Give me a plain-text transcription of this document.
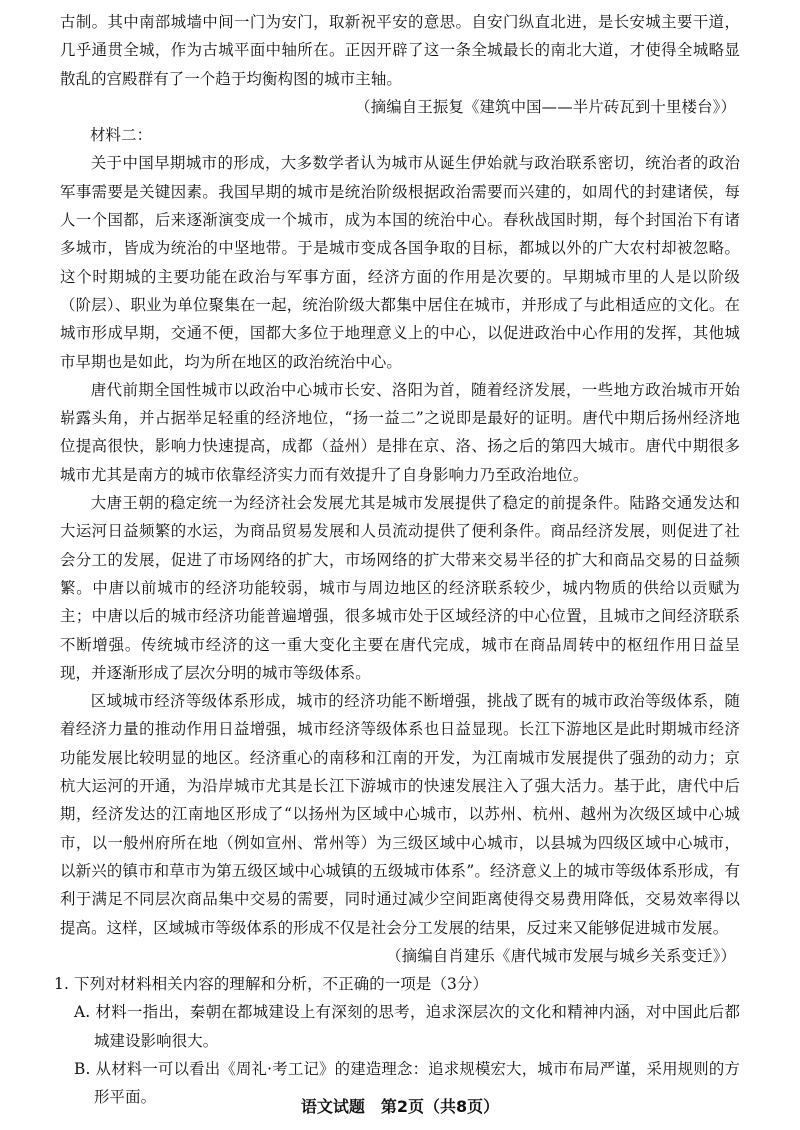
古制。其中南部城墙中间一门为安门，取新祝平安的意思。自安门纵直北进，是长安城主要干道，几乎通贯全城，作为古城平面中轴所在。正因开辟了这一条全城最长的南北大道，才使得全城略显散乱的宫殿群有了一个趋于均衡构图的城市主轴。

（摘编自王振复《建筑中国——半片砖瓦到十里楼台》）

材料二：

关于中国早期城市的形成，大多数学者认为城市从诞生伊始就与政治联系密切，统治者的政治军事需要是关键因素。我国早期的城市是统治阶级根据政治需要而兴建的，如周代的封建诸侯，每人一个国都，后来逐渐演变成一个城市，成为本国的统治中心。春秋战国时期，每个封国治下有诸多城市，皆成为统治的中坚地带。于是城市变成各国争取的目标，都城以外的广大农村却被忽略。这个时期城的主要功能在政治与军事方面，经济方面的作用是次要的。早期城市里的人是以阶级（阶层）、职业为单位聚集在一起，统治阶级大都集中居住在城市，并形成了与此相适应的文化。在城市形成早期，交通不便，国都大多位于地理意义上的中心，以促进政治中心作用的发挥，其他城市早期也是如此，均为所在地区的政治统治中心。

唐代前期全国性城市以政治中心城市长安、洛阳为首，随着经济发展，一些地方政治城市开始崭露头角，并占据举足轻重的经济地位，“扬一益二”之说即是最好的证明。唐代中期后扬州经济地位提高很快，影响力快速提高，成都（益州）是排在京、洛、扬之后的第四大城市。唐代中期很多城市尤其是南方的城市依靠经济实力而有效提升了自身影响力乃至政治地位。

大唐王朝的稳定统一为经济社会发展尤其是城市发展提供了稳定的前提条件。陆路交通发达和大运河日益频繁的水运，为商品贸易发展和人员流动提供了便利条件。商品经济发展，则促进了社会分工的发展，促进了市场网络的扩大，市场网络的扩大带来交易半径的扩大和商品交易的日益频繁。中唐以前城市的经济功能较弱，城市与周边地区的经济联系较少，城内物质的供给以贡赋为主；中唐以后的城市经济功能普遍增强，很多城市处于区域经济的中心位置，且城市之间经济联系不断增强。传统城市经济的这一重大变化主要在唐代完成，城市在商品周转中的枢纽作用日益呈现，并逐渐形成了层次分明的城市等级体系。

区域城市经济等级体系形成，城市的经济功能不断增强，挑战了既有的城市政治等级体系，随着经济力量的推动作用日益增强，城市经济等级体系也日益显现。长江下游地区是此时期城市经济功能发展比较明显的地区。经济重心的南移和江南的开发，为江南城市发展提供了强劲的动力；京杭大运河的开通，为沿岸城市尤其是长江下游城市的快速发展注入了强大活力。基于此，唐代中后期，经济发达的江南地区形成了“以扬州为区域中心城市，以苏州、杭州、越州为次级区域中心城市，以一般州府所在地（例如宣州、常州等）为三级区域中心城市，以县城为四级区域中心城市，以新兴的镇市和草市为第五级区域中心城镇的五级城市体系”。经济意义上的城市等级体系形成，有利于满足不同层次商品集中交易的需要，同时通过减少空间距离使得交易费用降低，交易效率得以提高。这样，区域城市等级体系的形成不仅是社会分工发展的结果，反过来又能够促进城市发展。

（摘编自肖建乐《唐代城市发展与城乡关系变迁》）

1. 下列对材料相关内容的理解和分析，不正确的一项是（3分）

A. 材料一指出，秦朝在都城建设上有深刻的思考，追求深层次的文化和精神内涵，对中国此后都城建设影响很大。

B. 从材料一可以看出《周礼·考工记》的建造理念：追求规模宏大，城市布局严谨，采用规则的方形平面。	语文试题　第2页（共8页）
